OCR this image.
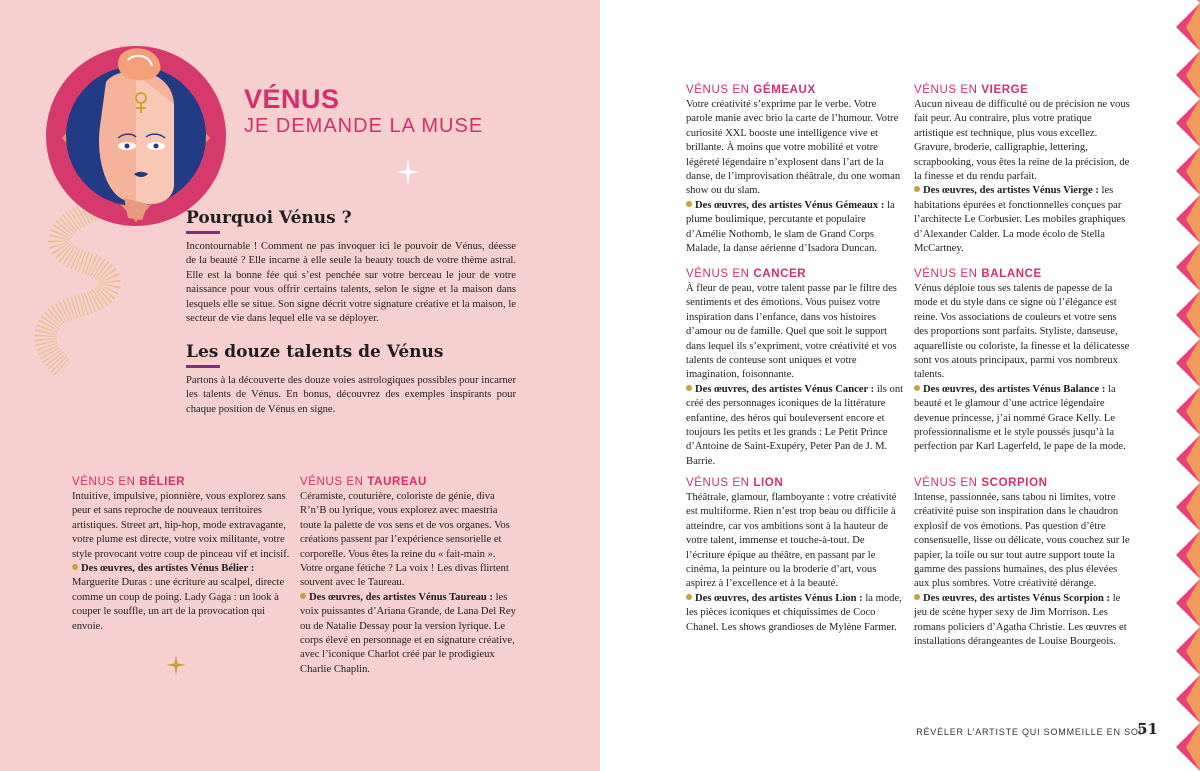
VÉNUS
JE DEMANDE LA MUSE
Pourquoi Vénus ?

Incontournable ! Comment ne pas invoquer ici le pouvoir de Vénus, déesse de la beauté ? Elle incarne à elle seule la beauty touch de votre thème astral. Elle est la bonne fée qui s’est penchée sur votre berceau le jour de votre naissance pour vous offrir certains talents, selon le signe et la maison dans lesquels elle se situe. Son signe décrit votre signature créative et la maison, le secteur de vie dans lequel elle va se déployer.

Les douze talents de Vénus

Partons à la découverte des douze voies astrologiques possibles pour incarner les talents de Vénus. En bonus, découvrez des exemples inspirants pour chaque position de Vénus en signe.

VÉNUS EN BÉLIER

Intuitive, impulsive, pionnière, vous explorez sans peur et sans reproche de nouveaux territoires artistiques. Street art, hip-hop, mode extravagante, votre plume est directe, votre voix militante, votre style provocant votre coup de pinceau vif et incisif.

Des œuvres, des artistes Vénus Bélier : Marguerite Duras : une écriture au scalpel, directe comme un coup de poing. Lady Gaga : un look à couper le souffle, un art de la provocation qui envoie.

VÉNUS EN TAUREAU

Céramiste, couturière, coloriste de génie, diva R’n’B ou lyrique, vous explorez avec maestria toute la palette de vos sens et de vos organes. Vos créations passent par l’expérience sensorielle et corporelle. Vous êtes la reine du « fait-main ». Votre organe fétiche ? La voix ! Les divas flirtent souvent avec le Taureau.

Des œuvres, des artistes Vénus Taureau : les voix puissantes d’Ariana Grande, de Lana Del Rey ou de Natalie Dessay pour la version lyrique. Le corps élevé en personnage et en signature créative, avec l’iconique Charlot créé par le prodigieux Charlie Chaplin.

VÉNUS EN GÉMEAUX

Votre créativité s’exprime par le verbe. Votre parole manie avec brio la carte de l’humour. Votre curiosité XXL booste une intelligence vive et brillante. À moins que votre mobilité et votre légèreté légendaire n’explosent dans l’art de la danse, de l’improvisation théâtrale, du one woman show ou du slam.

Des œuvres, des artistes Vénus Gémeaux : la plume boulimique, percutante et populaire d’Amélie Nothomb, le slam de Grand Corps Malade, la danse aérienne d’Isadora Duncan.

VÉNUS EN VIERGE

Aucun niveau de difficulté ou de précision ne vous fait peur. Au contraire, plus votre pratique artistique est technique, plus vous excellez. Gravure, broderie, calligraphie, lettering, scrapbooking, vous êtes la reine de la précision, de la finesse et du rendu parfait.

Des œuvres, des artistes Vénus Vierge : les habitations épurées et fonctionnelles conçues par l’architecte Le Corbusier. Les mobiles graphiques d’Alexander Calder. La mode écolo de Stella McCartney.

VÉNUS EN CANCER

À fleur de peau, votre talent passe par le filtre des sentiments et des émotions. Vous puisez votre inspiration dans l’enfance, dans vos histoires d’amour ou de famille. Quel que soit le support dans lequel ils s’expriment, votre créativité et vos talents de conteuse sont uniques et votre imagination, foisonnante.

Des œuvres, des artistes Vénus Cancer : ils ont créé des personnages iconiques de la littérature enfantine, des héros qui bouleversent encore et toujours les petits et les grands : Le Petit Prince d’Antoine de Saint-Exupéry, Peter Pan de J. M. Barrie.

VÉNUS EN BALANCE

Vénus déploie tous ses talents de papesse de la mode et du style dans ce signe où l’élégance est reine. Vos associations de couleurs et votre sens des proportions sont parfaits. Styliste, danseuse, aquarelliste ou coloriste, la finesse et la délicatesse sont vos atouts principaux, parmi vos nombreux talents.

Des œuvres, des artistes Vénus Balance : la beauté et le glamour d’une actrice légendaire devenue princesse, j’ai nommé Grace Kelly. Le professionnalisme et le style poussés jusqu’à la perfection par Karl Lagerfeld, le pape de la mode.

VÉNUS EN LION

Théâtrale, glamour, flamboyante : votre créativité est multiforme. Rien n’est trop beau ou difficile à atteindre, car vos ambitions sont à la hauteur de votre talent, immense et touche-à-tout. De l’écriture épique au théâtre, en passant par le cinéma, la peinture ou la broderie d’art, vous aspirez à l’excellence et à la beauté.

Des œuvres, des artistes Vénus Lion : la mode, les pièces iconiques et chiquissimes de Coco Chanel. Les shows grandioses de Mylène Farmer.

VÉNUS EN SCORPION

Intense, passionnée, sans tabou ni limites, votre créativité puise son inspiration dans le chaudron explosif de vos émotions. Pas question d’être consensuelle, lisse ou délicate, vous couchez sur le papier, la toile ou sur tout autre support toute la gamme des passions humaines, des plus élevées aux plus sombres. Votre créativité dérange.

Des œuvres, des artistes Vénus Scorpion : le jeu de scène hyper sexy de Jim Morrison. Les romans policiers d’Agatha Christie. Les œuvres et installations dérangeantes de Louise Bourgeois.

RÉVÉLER L’ARTISTE QUI SOMMEILLE EN SOI
51
